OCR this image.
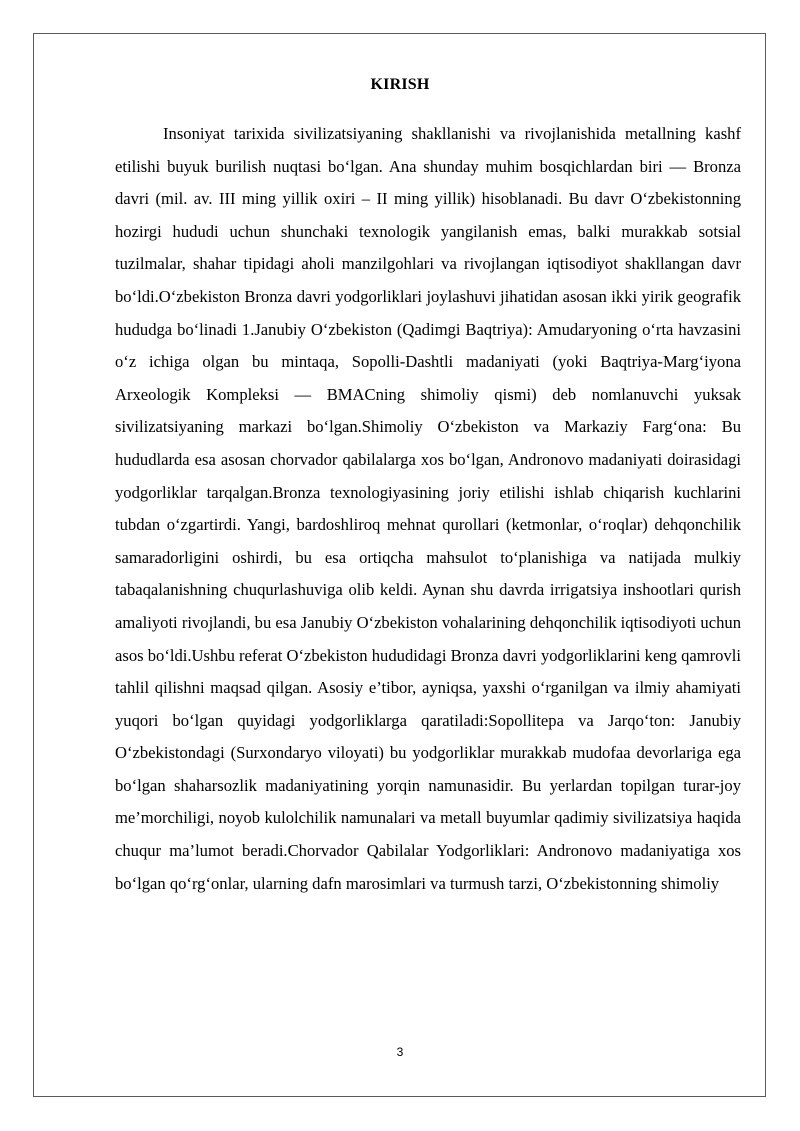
KIRISH

Insoniyat tarixida sivilizatsiyaning shakllanishi va rivojlanishida metallning kashf etilishi buyuk burilish nuqtasi bo‘lgan. Ana shunday muhim bosqichlardan biri — Bronza davri (mil. av. III ming yillik oxiri – II ming yillik) hisoblanadi. Bu davr O‘zbekistonning hozirgi hududi uchun shunchaki texnologik yangilanish emas, balki murakkab sotsial tuzilmalar, shahar tipidagi aholi manzilgohlari va rivojlangan iqtisodiyot shakllangan davr bo‘ldi.O‘zbekiston Bronza davri yodgorliklari joylashuvi jihatidan asosan ikki yirik geografik hududga bo‘linadi 1.Janubiy O‘zbekiston (Qadimgi Baqtriya): Amudaryoning o‘rta havzasini o‘z ichiga olgan bu mintaqa, Sopolli-Dashtli madaniyati (yoki Baqtriya-Marg‘iyona Arxeologik Kompleksi — BMACning shimoliy qismi) deb nomlanuvchi yuksak sivilizatsiyaning markazi bo‘lgan.Shimoliy O‘zbekiston va Markaziy Farg‘ona: Bu hududlarda esa asosan chorvador qabilalarga xos bo‘lgan, Andronovo madaniyati doirasidagi yodgorliklar tarqalgan.Bronza texnologiyasining joriy etilishi ishlab chiqarish kuchlarini tubdan o‘zgartirdi. Yangi, bardoshliroq mehnat qurollari (ketmonlar, o‘roqlar) dehqonchilik samaradorligini oshirdi, bu esa ortiqcha mahsulot to‘planishiga va natijada mulkiy tabaqalanishning chuqurlashuviga olib keldi. Aynan shu davrda irrigatsiya inshootlari qurish amaliyoti rivojlandi, bu esa Janubiy O‘zbekiston vohalarining dehqonchilik iqtisodiyoti uchun asos bo‘ldi.Ushbu referat O‘zbekiston hududidagi Bronza davri yodgorliklarini keng qamrovli tahlil qilishni maqsad qilgan. Asosiy e’tibor, ayniqsa, yaxshi o‘rganilgan va ilmiy ahamiyati yuqori bo‘lgan quyidagi yodgorliklarga qaratiladi:Sopollitepa va Jarqo‘ton: Janubiy O‘zbekistondagi (Surxondaryo viloyati) bu yodgorliklar murakkab mudofaa devorlariga ega bo‘lgan shaharsozlik madaniyatining yorqin namunasidir. Bu yerlardan topilgan turar-joy me’morchiligi, noyob kulolchilik namunalari va metall buyumlar qadimiy sivilizatsiya haqida chuqur ma’lumot beradi.Chorvador Qabilalar Yodgorliklari: Andronovo madaniyatiga xos bo‘lgan qo‘rg‘onlar, ularning dafn marosimlari va turmush tarzi, O‘zbekistonning shimoliy

3
